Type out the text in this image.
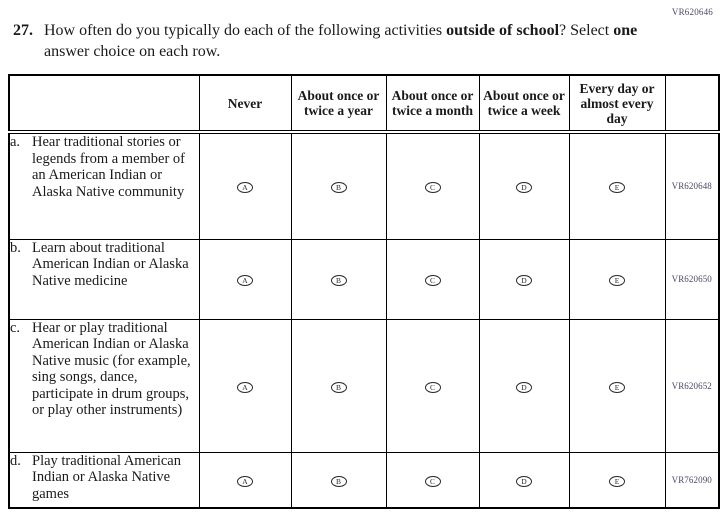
VR620646
27. How often do you typically do each of the following activities outside of school? Select one answer choice on each row.
	Never	About once or twice a year	About once or twice a month	About once or twice a week	Every day or almost every day	

a. Hear traditional stories or legends from a member of an American Indian or Alaska Native community	A	B	C	D	E	VR620648

b. Learn about traditional American Indian or Alaska Native medicine	A	B	C	D	E	VR620650

c. Hear or play traditional American Indian or Alaska Native music (for example, sing songs, dance, participate in drum groups, or play other instruments)	A	B	C	D	E	VR620652

d. Play traditional American Indian or Alaska Native games	A	B	C	D	E	VR762090
